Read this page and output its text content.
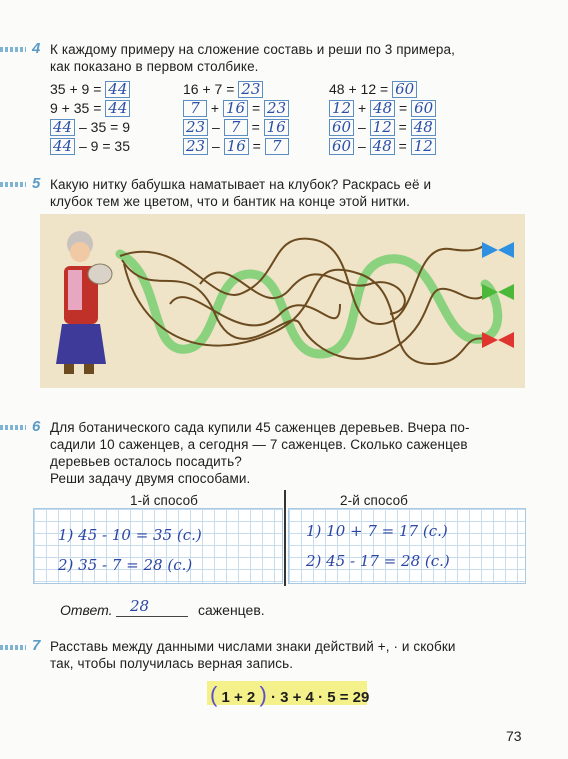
4 К каждому примеру на сложение составь и реши по 3 примера,
как показано в первом столбике.
35 + 9 = 44
9 + 35 = 44
44 – 35 = 9
44 – 9 = 35
16 + 7 = 23
7 + 16 = 23
23 – 7 = 16
23 – 16 = 7
48 + 12 = 60
12 + 48 = 60
60 – 12 = 48
60 – 48 = 12
5 Какую нитку бабушка наматывает на клубок? Раскрась её и
клубок тем же цветом, что и бантик на конце этой нитки.
6 Для ботанического сада купили 45 саженцев деревьев. Вчера по-
садили 10 саженцев, а сегодня — 7 саженцев. Сколько саженцев
деревьев осталось посадить?
Реши задачу двумя способами.
1-й способ	2-й способ
1) 45 - 10 = 35 (с.)
2) 35 - 7 = 28 (с.)
1) 10 + 7 = 17 (с.)
2) 45 - 17 = 28 (с.)
Ответ. 28	саженцев.
7 Расставь между данными числами знаки действий +, · и скобки
так, чтобы получилась верная запись.
( 1 + 2 ) · 3 + 4 · 5 = 29
73
